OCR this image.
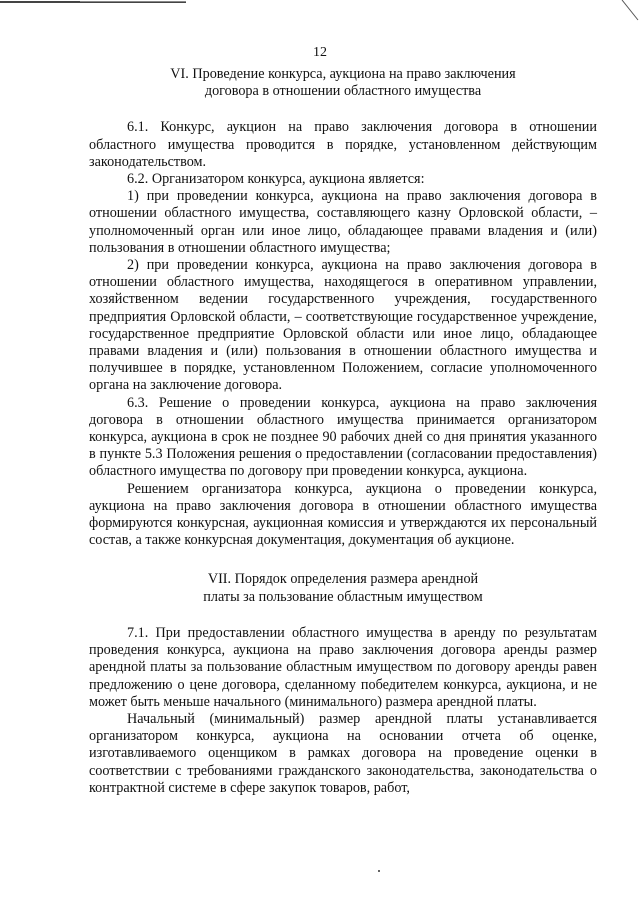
12
VI. Проведение конкурса, аукциона на право заключения
договора в отношении областного имущества

6.1. Конкурс, аукцион на право заключения договора в отношении областного имущества проводится в порядке, установленном действующим законодательством.

6.2. Организатором конкурса, аукциона является:

1) при проведении конкурса, аукциона на право заключения договора в отношении областного имущества, составляющего казну Орловской области, – уполномоченный орган или иное лицо, обладающее правами владения и (или) пользования в отношении областного имущества;

2) при проведении конкурса, аукциона на право заключения договора в отношении областного имущества, находящегося в оперативном управлении, хозяйственном ведении государственного учреждения, государственного предприятия Орловской области, – соответствующие государственное учреждение, государственное предприятие Орловской области или иное лицо, обладающее правами владения и (или) пользования в отношении областного имущества и получившее в порядке, установленном Положением, согласие уполномоченного органа на заключение договора.

6.3. Решение о проведении конкурса, аукциона на право заключения договора в отношении областного имущества принимается организатором конкурса, аукциона в срок не позднее 90 рабочих дней со дня принятия указанного в пункте 5.3 Положения решения о предоставлении (согласовании предоставления) областного имущества по договору при проведении конкурса, аукциона.

Решением организатора конкурса, аукциона о проведении конкурса, аукциона на право заключения договора в отношении областного имущества формируются конкурсная, аукционная комиссия и утверждаются их персональный состав, а также конкурсная документация, документация об аукционе.

VII. Порядок определения размера арендной
платы за пользование областным имуществом

7.1. При предоставлении областного имущества в аренду по результатам проведения конкурса, аукциона на право заключения договора аренды размер арендной платы за пользование областным имуществом по договору аренды равен предложению о цене договора, сделанному победителем конкурса, аукциона, и не может быть меньше начального (минимального) размера арендной платы.

Начальный (минимальный) размер арендной платы устанавливается организатором конкурса, аукциона на основании отчета об оценке, изготавливаемого оценщиком в рамках договора на проведение оценки в соответствии с требованиями гражданского законодательства, законодательства о контрактной системе в сфере закупок товаров, работ,
